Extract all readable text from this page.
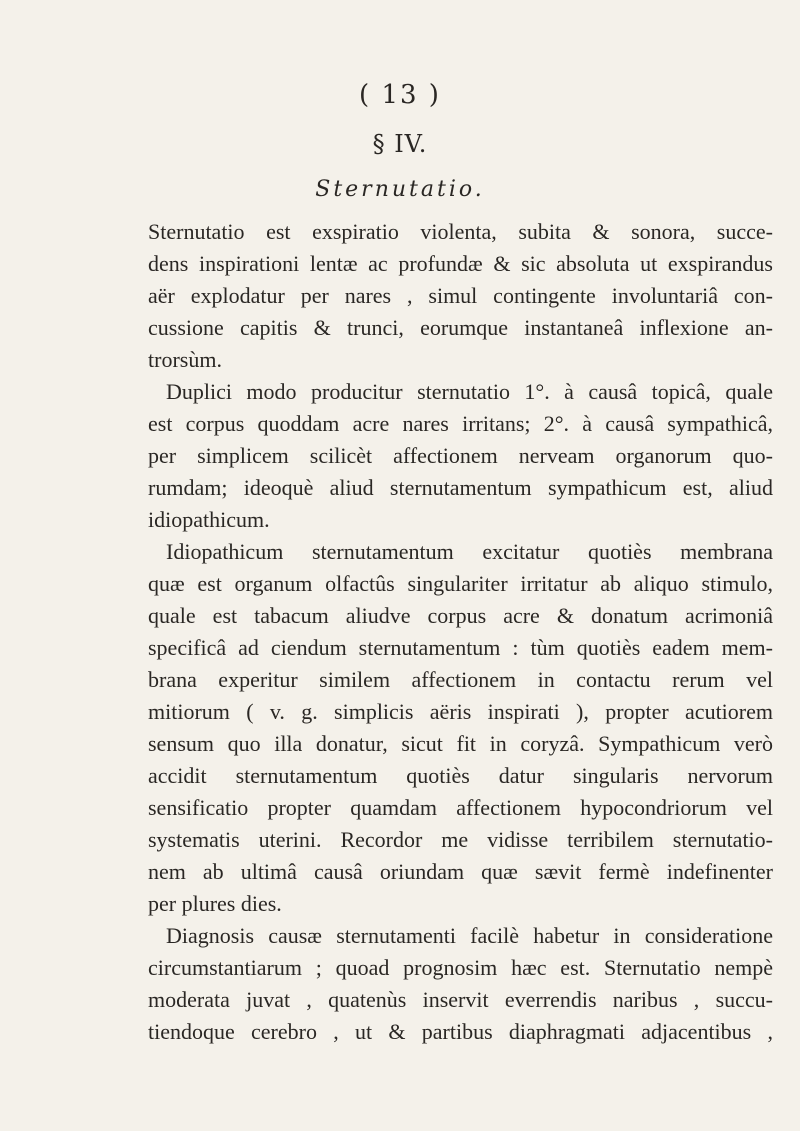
( 13 )
§ IV.
Sternutatio.
Sternutatio est exspiratio violenta, subita & sonora, succe-
dens inspirationi lentæ ac profundæ & sic absoluta ut exspirandus
aër explodatur per nares , simul contingente involuntariâ con-
cussione capitis & trunci, eorumque instantaneâ inflexione an-
trorsùm.
Duplici modo producitur sternutatio 1°. à causâ topicâ, quale
est corpus quoddam acre nares irritans; 2°. à causâ sympathicâ,
per simplicem scilicèt affectionem nerveam organorum quo-
rumdam; ideoquè aliud sternutamentum sympathicum est, aliud
idiopathicum.
Idiopathicum sternutamentum excitatur quotiès membrana
quæ est organum olfactûs singulariter irritatur ab aliquo stimulo,
quale est tabacum aliudve corpus acre & donatum acrimoniâ
specificâ ad ciendum sternutamentum : tùm quotiès eadem mem-
brana experitur similem affectionem in contactu rerum vel
mitiorum ( v. g. simplicis aëris inspirati ), propter acutiorem
sensum quo illa donatur, sicut fit in coryzâ. Sympathicum verò
accidit sternutamentum quotiès datur singularis nervorum
sensificatio propter quamdam affectionem hypocondriorum vel
systematis uterini. Recordor me vidisse terribilem sternutatio-
nem ab ultimâ causâ oriundam quæ sævit fermè indefinenter
per plures dies.
Diagnosis causæ sternutamenti facilè habetur in consideratione
circumstantiarum ; quoad prognosim hæc est. Sternutatio nempè
moderata juvat , quatenùs inservit everrendis naribus , succu-
tiendoque cerebro , ut & partibus diaphragmati adjacentibus ,
